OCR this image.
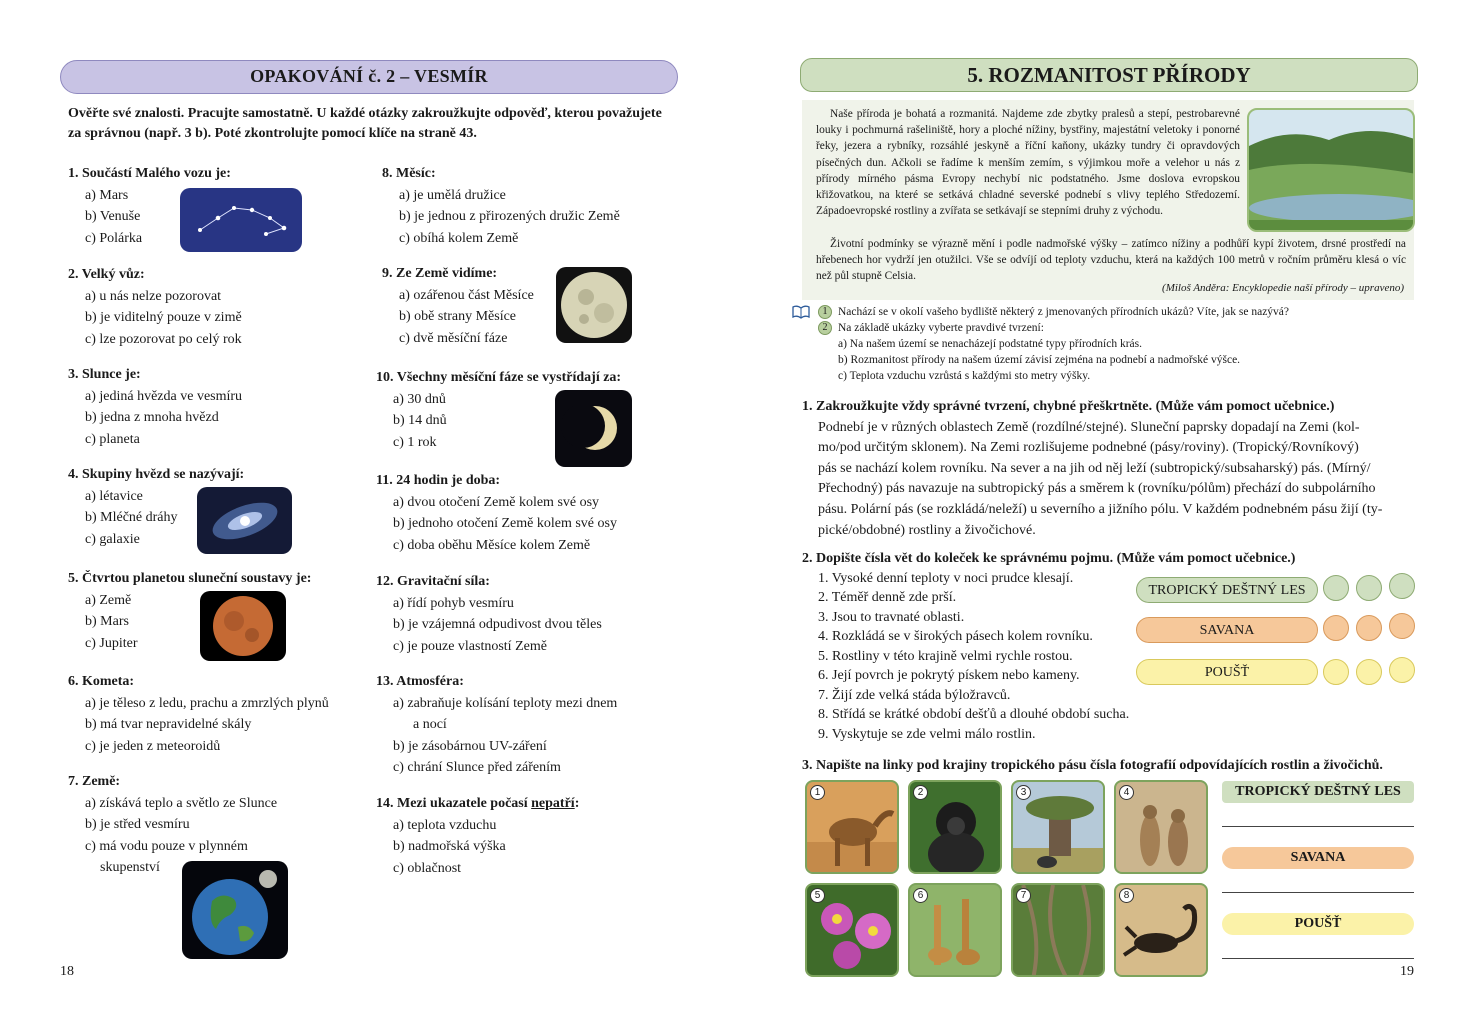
OPAKOVÁNÍ č. 2 – VESMÍR
Ověřte své znalosti. Pracujte samostatně. U každé otázky zakroužkujte odpověď, kterou považujete za správnou (např. 3 b). Poté zkontrolujte pomocí klíče na straně 43.
1. Součástí Malého vozu je:
a) Mars
b) Venuše
c) Polárka
2. Velký vůz:
a) u nás nelze pozorovat
b) je viditelný pouze v zimě
c) lze pozorovat po celý rok
3. Slunce je:
a) jediná hvězda ve vesmíru
b) jedna z mnoha hvězd
c) planeta
4. Skupiny hvězd se nazývají:
a) létavice
b) Mléčné dráhy
c) galaxie
5. Čtvrtou planetou sluneční soustavy je:
a) Země
b) Mars
c) Jupiter
6. Kometa:
a) je těleso z ledu, prachu a zmrzlých plynů
b) má tvar nepravidelné skály
c) je jeden z meteoroidů
7. Země:
a) získává teplo a světlo ze Slunce
b) je střed vesmíru
c) má vodu pouze v plynném
skupenství
8. Měsíc:
a) je umělá družice
b) je jednou z přirozených družic Země
c) obíhá kolem Země
9. Ze Země vidíme:
a) ozářenou část Měsíce
b) obě strany Měsíce
c) dvě měsíční fáze
10. Všechny měsíční fáze se vystřídají za:
a) 30 dnů
b) 14 dnů
c) 1 rok
11. 24 hodin je doba:
a) dvou otočení Země kolem své osy
b) jednoho otočení Země kolem své osy
c) doba oběhu Měsíce kolem Země
12. Gravitační síla:
a) řídí pohyb vesmíru
b) je vzájemná odpudivost dvou těles
c) je pouze vlastností Země
13. Atmosféra:
a) zabraňuje kolísání teploty mezi dnem
a nocí
b) je zásobárnou UV-záření
c) chrání Slunce před zářením
14. Mezi ukazatele počasí nepatří:
a) teplota vzduchu
b) nadmořská výška
c) oblačnost
18
5. ROZMANITOST PŘÍRODY
Naše příroda je bohatá a rozmanitá. Najdeme zde zbytky pralesů a stepí, pestrobarevné louky i pochmurná rašeliniště, hory a ploché nížiny, bystřiny, majestátní veletoky i ponorné řeky, jezera a rybníky, rozsáhlé jeskyně a říční kaňony, ukázky tundry či opravdových písečných dun. Ačkoli se řadíme k menším zemím, s výjimkou moře a velehor u nás z přírody mírného pásma Evropy nechybí nic podstatného. Jsme doslova evropskou křižovatkou, na které se setkává chladné severské podnebí s vlivy teplého Středozemí. Západoevropské rostliny a zvířata se setkávají se stepními druhy z východu.
Životní podmínky se výrazně mění i podle nadmořské výšky – zatímco nížiny a podhůří kypí životem, drsné prostředí na hřebenech hor vydrží jen otužilci. Vše se odvíjí od teploty vzduchu, která na každých 100 metrů v ročním průměru klesá o víc než půl stupně Celsia.
(Miloš Anděra: Encyklopedie naší přírody – upraveno)
1 Nachází se v okolí vašeho bydliště některý z jmenovaných přírodních ukázů? Víte, jak se nazývá?
2 Na základě ukázky vyberte pravdivé tvrzení:
a) Na našem území se nenacházejí podstatné typy přírodních krás.
b) Rozmanitost přírody na našem území závisí zejména na podnebí a nadmořské výšce.
c) Teplota vzduchu vzrůstá s každými sto metry výšky.
1. Zakroužkujte vždy správné tvrzení, chybné přeškrtněte. (Může vám pomoct učebnice.)
Podnebí je v různých oblastech Země (rozdílné/stejné). Sluneční paprsky dopadají na Zemi (kol-
mo/pod určitým sklonem). Na Zemi rozlišujeme podnebné (pásy/roviny). (Tropický/Rovníkový)
pás se nachází kolem rovníku. Na sever a na jih od něj leží (subtropický/subsaharský) pás. (Mírný/
Přechodný) pás navazuje na subtropický pás a směrem k (rovníku/pólům) přechází do subpolárního
pásu. Polární pás (se rozkládá/neleží) u severního a jižního pólu. V každém podnebném pásu žijí (ty-
pické/obdobné) rostliny a živočichové.
2. Dopište čísla vět do koleček ke správnému pojmu. (Může vám pomoct učebnice.)
1. Vysoké denní teploty v noci prudce klesají.
2. Téměř denně zde prší.
3. Jsou to travnaté oblasti.
4. Rozkládá se v širokých pásech kolem rovníku.
5. Rostliny v této krajině velmi rychle rostou.
6. Její povrch je pokrytý pískem nebo kameny.
7. Žijí zde velká stáda býložravců.
8. Střídá se krátké období dešťů a dlouhé období sucha.
9. Vyskytuje se zde velmi málo rostlin.
TROPICKÝ DEŠTNÝ LES
SAVANA
POUŠŤ
3. Napište na linky pod krajiny tropického pásu čísla fotografií odpovídajících rostlin a živočichů.
1	2	3	4
5	6	7	8
TROPICKÝ DEŠTNÝ LES
SAVANA
POUŠŤ
19
